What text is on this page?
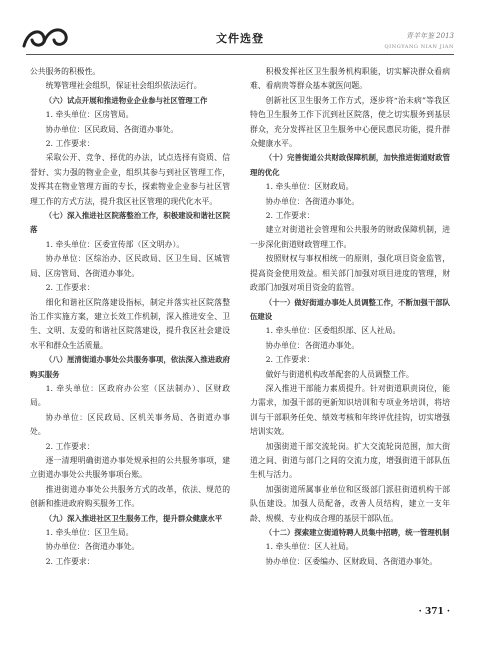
文件选登	青羊年鉴 2013
QINGYANG NIAN JIAN

公共服务的积极性。

统筹管理社会组织，保证社会组织依法运行。

（六）试点开展和推进物业企业参与社区管理工作

1. 牵头单位：区房管局。

协办单位：区民政局、各街道办事处。

2. 工作要求：

采取公开、竞争、择优的办法，试点选择有资质、信誉好、实力强的物业企业，组织其参与到社区管理工作，发挥其在物业管理方面的专长，探索物业企业参与社区管理工作的方式方法，提升我区社区管理的现代化水平。

（七）深入推进社区院落整治工作，积极建设和谐社区院落

1. 牵头单位：区委宣传部（区文明办）。

协办单位：区综治办、区民政局、区卫生局、区城管局、区房管局、各街道办事处。

2. 工作要求：

细化和谐社区院落建设指标，制定并落实社区院落整治工作实施方案，建立长效工作机制，深入推进安全、卫生、文明、友爱的和谐社区院落建设，提升我区社会建设水平和群众生活质量。

（八）厘清街道办事处公共服务事项，依法深入推进政府购买服务

1. 牵头单位：区政府办公室（区法制办）、区财政局。

协办单位：区民政局、区机关事务局、各街道办事处。

2. 工作要求：

逐一清理明确街道办事处规承担的公共服务事项，建立街道办事处公共服务事项台账。

推进街道办事处公共服务方式的改革，依法、规范的创新和推进政府购买服务工作。

（九）深入推进社区卫生服务工作，提升群众健康水平

1. 牵头单位：区卫生局。

协办单位：各街道办事处。

2. 工作要求：

积极发挥社区卫生服务机构职能，切实解决群众看病难、看病贵等群众基本就医问题。

创新社区卫生服务工作方式，逐步将“治未病”等我区特色卫生服务工作下沉到社区院落，使之切实服务到基层群众，充分发挥社区卫生服务中心便民惠民功能，提升群众健康水平。

（十）完善街道公共财政保障机制，加快推进街道财政管理的优化

1. 牵头单位：区财政局。

协办单位：各街道办事处。

2. 工作要求：

建立对街道社会管理和公共服务的财政保障机制，进一步深化街道财政管理工作。

按照财权与事权相统一的原则，强化项目资金监管，提高资金使用效益。相关部门加强对项目进度的管理，财政部门加强对项目资金的监管。

（十一）做好街道办事处人员调整工作，不断加强干部队伍建设

1. 牵头单位：区委组织部、区人社局。

协办单位：各街道办事处。

2. 工作要求：

做好与街道机构改革配套的人员调整工作。

深入推进干部能力素质提升。针对街道职责岗位，能力需求，加强干部的更新知识培训和专项业务培训，将培训与干部职务任免、绩效考核和年终评优挂钩，切实增强培训实效。

加强街道干部交流轮岗。扩大交流轮岗范围，加大街道之间、街道与部门之间的交流力度，增强街道干部队伍生机与活力。

加强街道所属事业单位和区级部门派驻街道机构干部队伍建设。加强人员配备，改善人员结构，建立一支年龄、规模、专业构成合理的基层干部队伍。

（十二）探索建立街道特聘人员集中招聘，统一管理机制

1. 牵头单位：区人社局。

协办单位：区委编办、区财政局、各街道办事处。

· 371 ·
